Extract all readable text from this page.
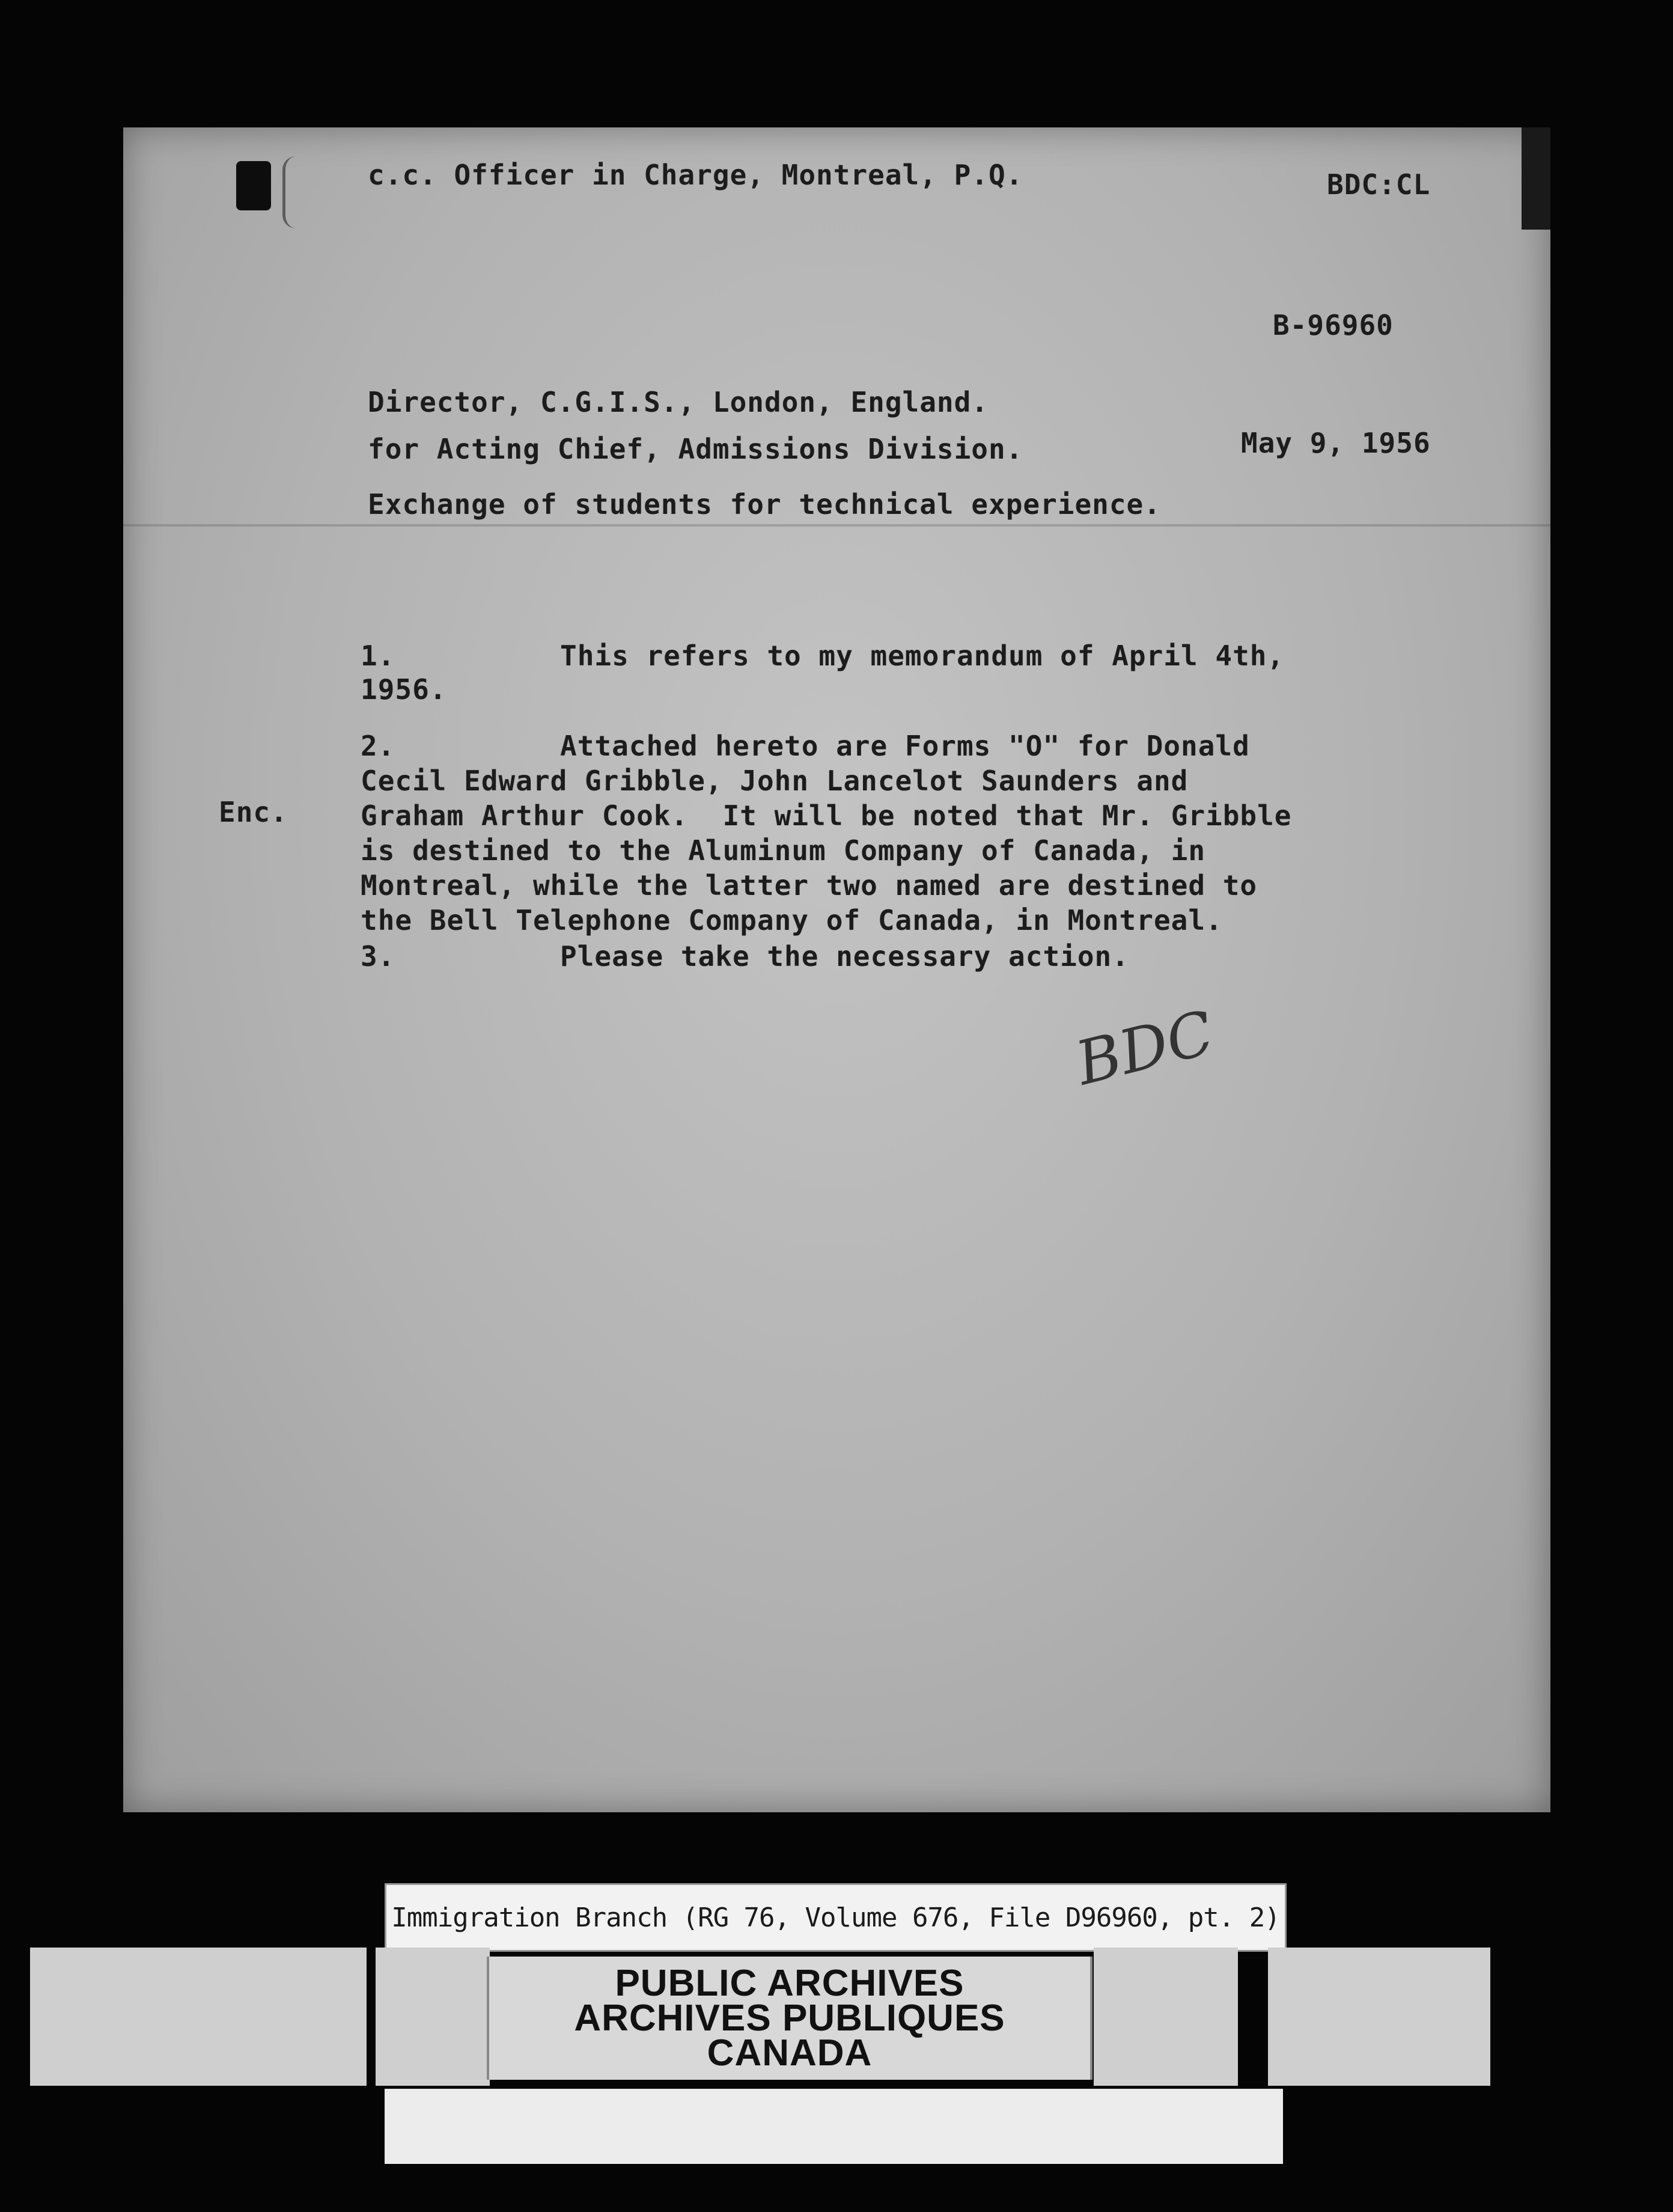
c.c. Officer in Charge, Montreal, P.Q.	BDC:CL
B-96960
Director, C.G.I.S., London, England.
for Acting Chief, Admissions Division.	May 9, 1956
Exchange of students for technical experience.
1.	This refers to my memorandum of April 4th,
1956.
2.	Attached hereto are Forms "O" for Donald
Cecil Edward Gribble, John Lancelot Saunders and
Graham Arthur Cook.  It will be noted that Mr. Gribble
is destined to the Aluminum Company of Canada, in
Montreal, while the latter two named are destined to
the Bell Telephone Company of Canada, in Montreal.
Enc.
3.	Please take the necessary action.
BDC
Immigration Branch (RG 76, Volume 676, File D96960, pt. 2)
PUBLIC ARCHIVES
ARCHIVES PUBLIQUES
CANADA
